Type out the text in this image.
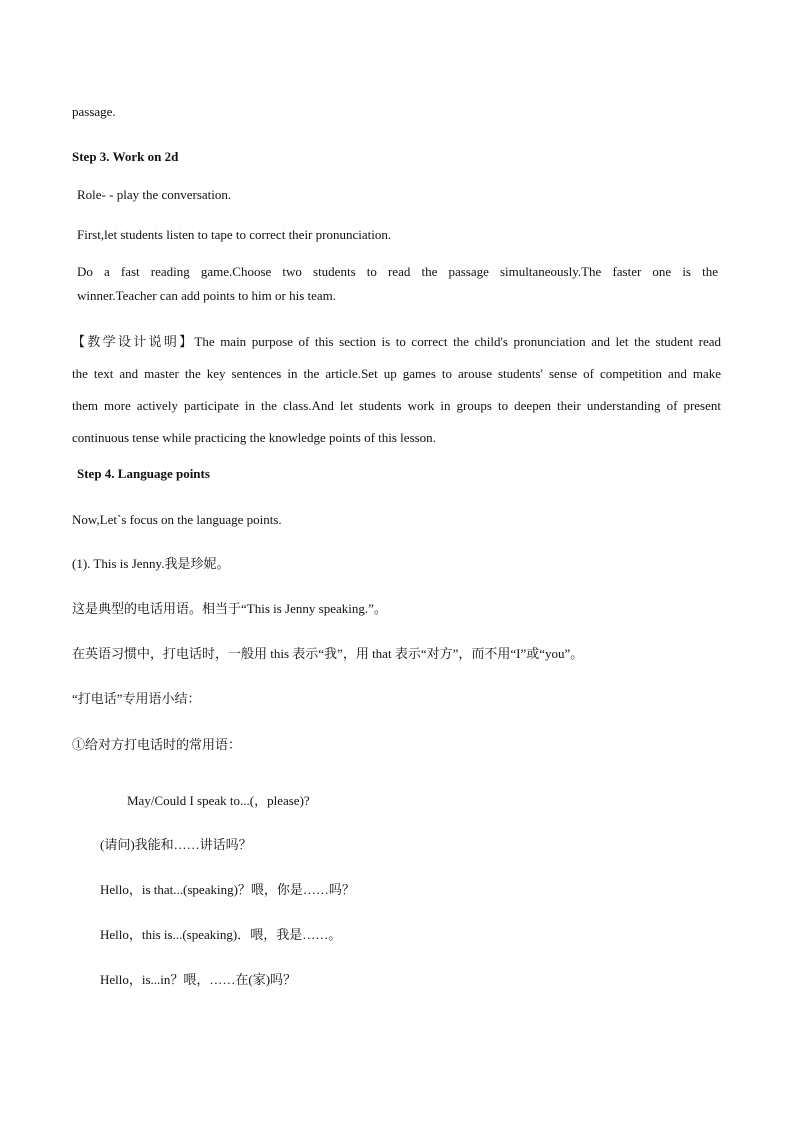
passage.
Step 3. Work on 2d
Role- - play the conversation.
First,let students listen to tape to correct their pronunciation.
Do a fast reading game.Choose two students to read the passage simultaneously.The faster one is the
winner.Teacher can add points to him or his team.
【教学设计说明】The main purpose of this section is to correct the child's pronunciation and let the student read
the text and master the key sentences in the article.Set up games to arouse students' sense of competition and make
them more actively participate in the class.And let students work in groups to deepen their understanding of present
continuous tense while practicing the knowledge points of this lesson.
Step 4. Language points
Now,Let`s focus on the language points.
(1). This is Jenny.我是珍妮。
这是典型的电话用语。相当于“This is Jenny speaking.”。
在英语习惯中，打电话时，一般用 this 表示“我”，用 that 表示“对方”，而不用“I”或“you”。
“打电话”专用语小结：
①给对方打电话时的常用语：
May/Could I speak to...(，please)?
(请问)我能和……讲话吗？
Hello，is that...(speaking)？喂，你是……吗？
Hello，this is...(speaking)．喂，我是……。
Hello，is...in？喂，……在(家)吗？
